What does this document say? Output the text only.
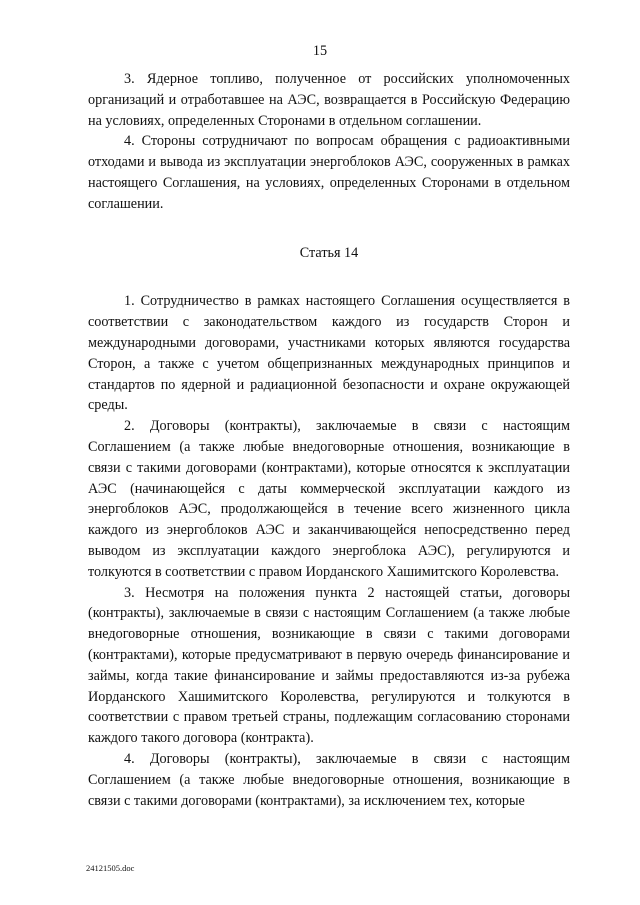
15

3. Ядерное топливо, полученное от российских уполномоченных организаций и отработавшее на АЭС, возвращается в Российскую Федерацию на условиях, определенных Сторонами в отдельном соглашении.

4. Стороны сотрудничают по вопросам обращения с радиоактивными отходами и вывода из эксплуатации энергоблоков АЭС, сооруженных в рамках настоящего Соглашения, на условиях, определенных Сторонами в отдельном соглашении.

Статья 14

1. Сотрудничество в рамках настоящего Соглашения осуществляется в соответствии с законодательством каждого из государств Сторон и международными договорами, участниками которых являются государства Сторон, а также с учетом общепризнанных международных принципов и стандартов по ядерной и радиационной безопасности и охране окружающей среды.

2. Договоры (контракты), заключаемые в связи с настоящим Соглашением (а также любые внедоговорные отношения, возникающие в связи с такими договорами (контрактами), которые относятся к эксплуатации АЭС (начинающейся с даты коммерческой эксплуатации каждого из энергоблоков АЭС, продолжающейся в течение всего жизненного цикла каждого из энергоблоков АЭС и заканчивающейся непосредственно перед выводом из эксплуатации каждого энергоблока АЭС), регулируются и толкуются в соответствии с правом Иорданского Хашимитского Королевства.

3. Несмотря на положения пункта 2 настоящей статьи, договоры (контракты), заключаемые в связи с настоящим Соглашением (а также любые внедоговорные отношения, возникающие в связи с такими договорами (контрактами), которые предусматривают в первую очередь финансирование и займы, когда такие финансирование и займы предоставляются из-за рубежа Иорданского Хашимитского Королевства, регулируются и толкуются в соответствии с правом третьей страны, подлежащим согласованию сторонами каждого такого договора (контракта).

4. Договоры (контракты), заключаемые в связи с настоящим Соглашением (а также любые внедоговорные отношения, возникающие в связи с такими договорами (контрактами), за исключением тех, которые

24121505.doc
